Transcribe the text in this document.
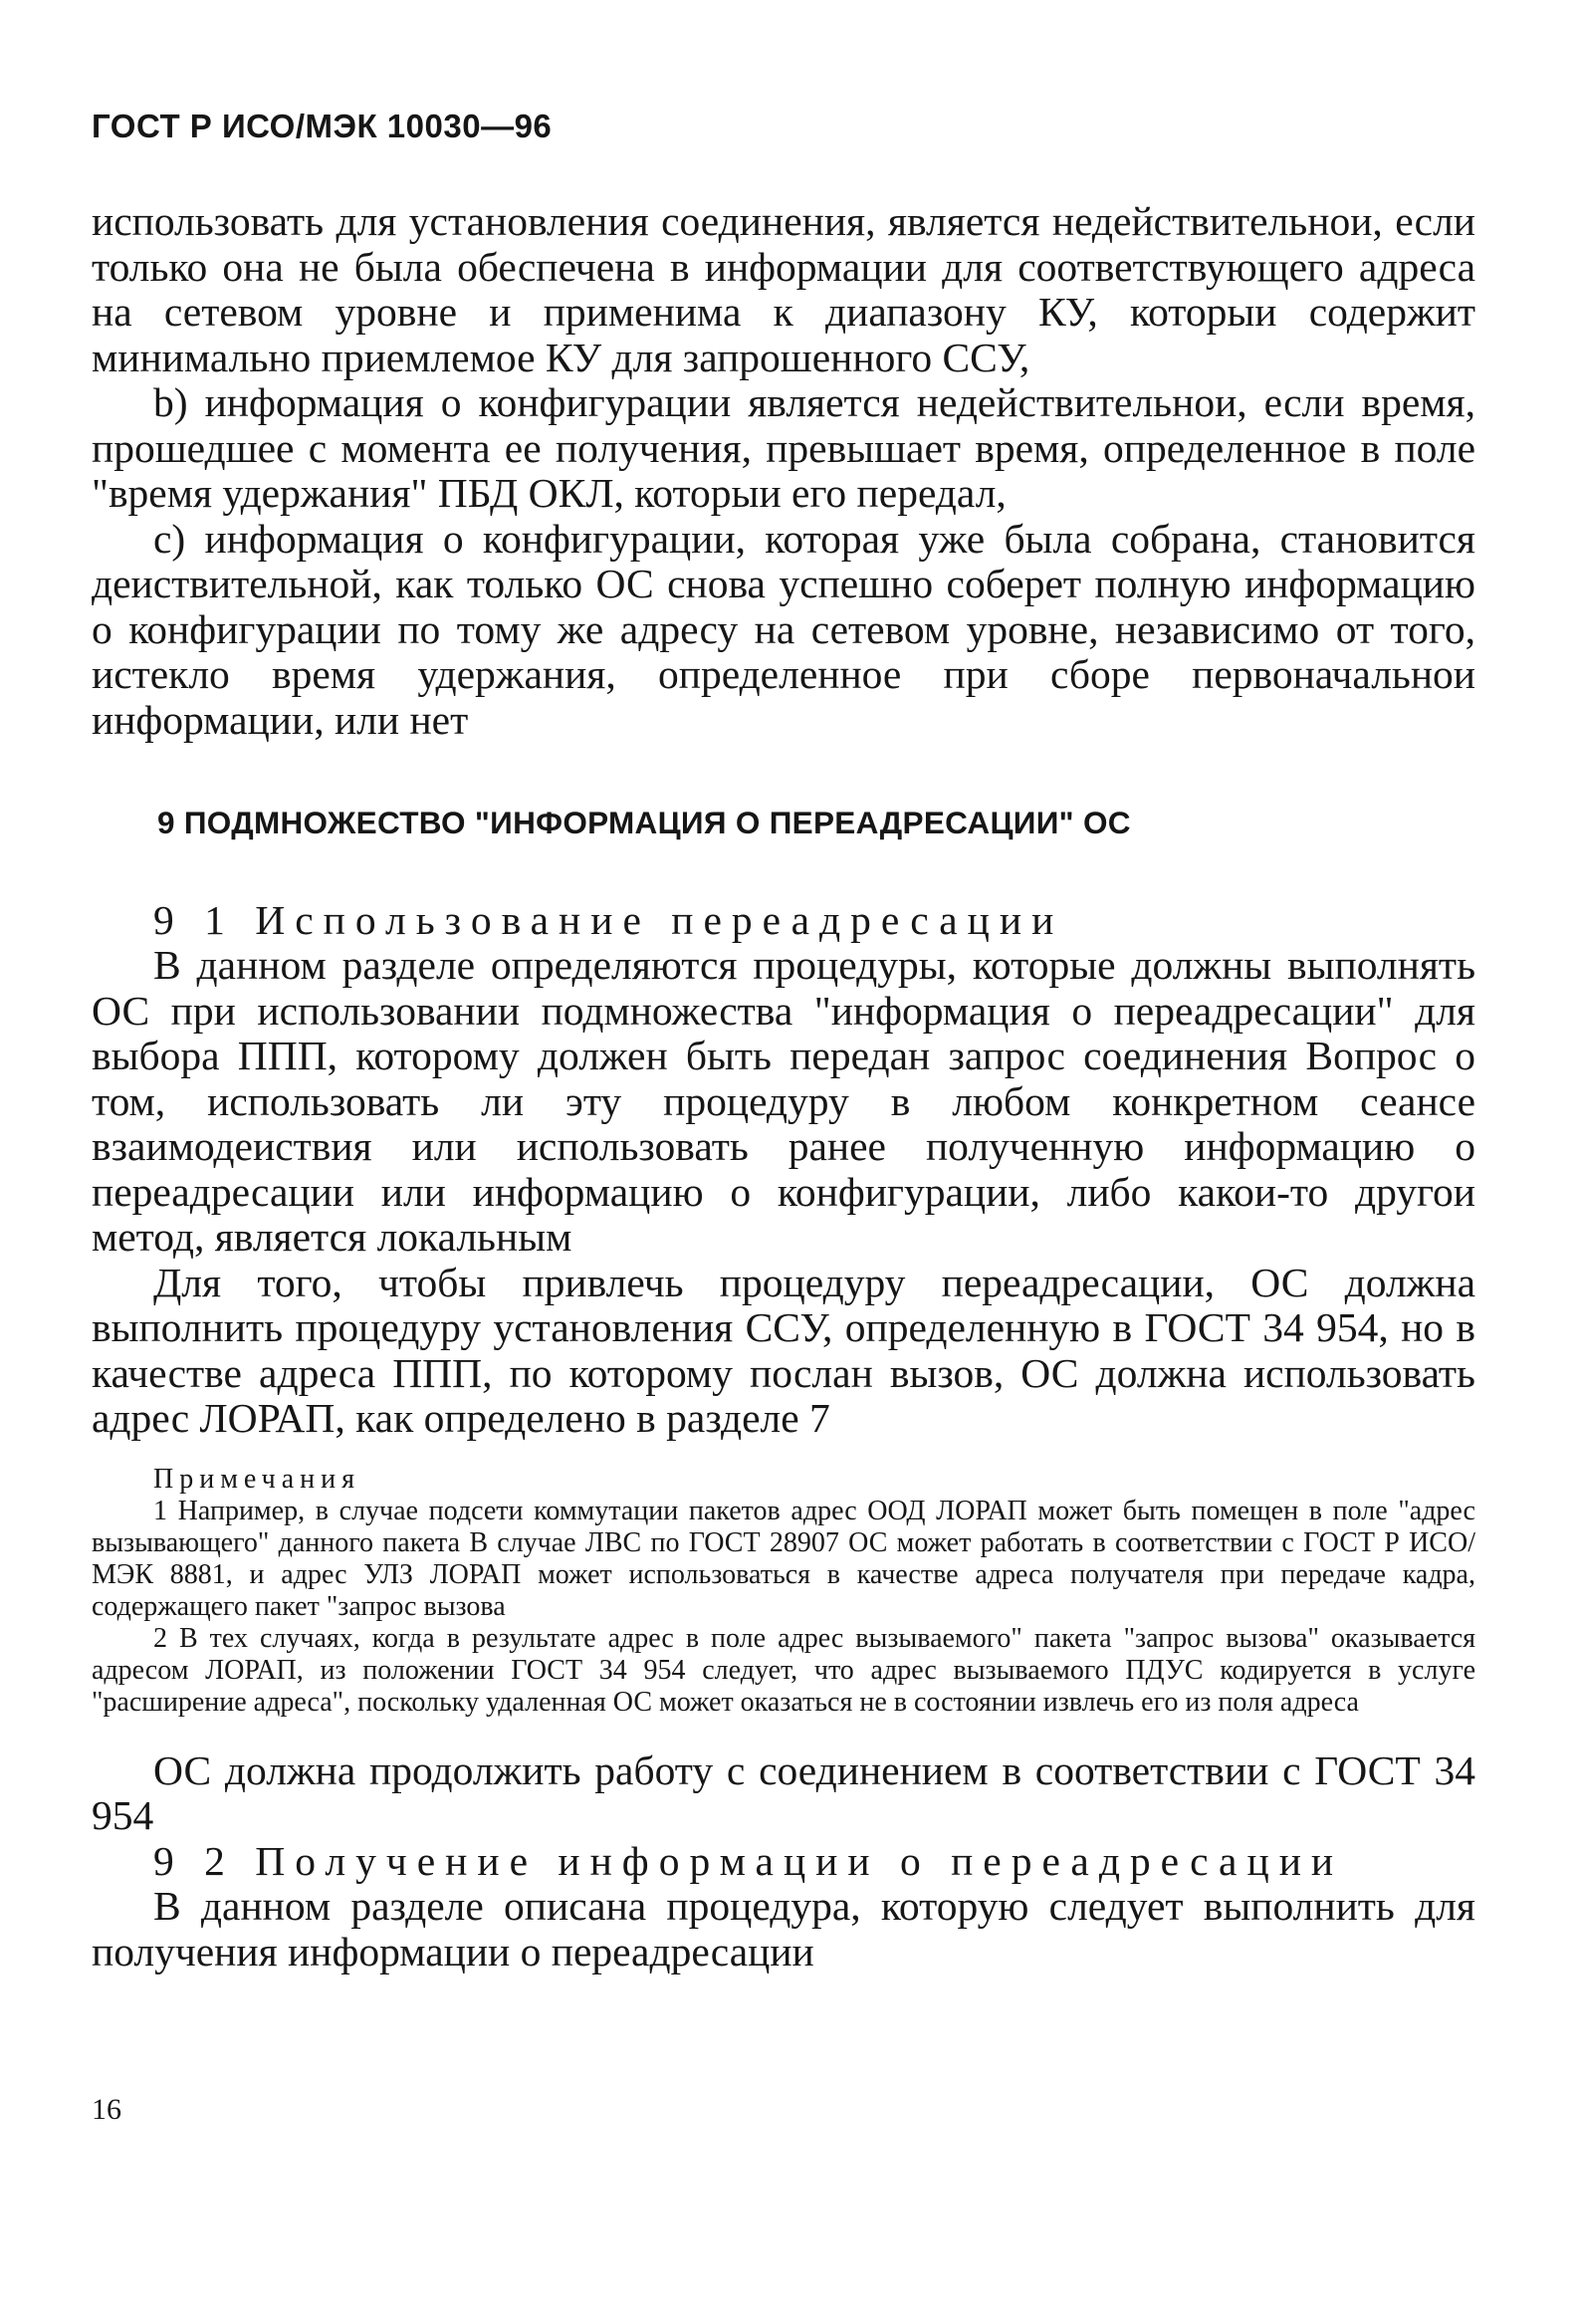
ГОСТ Р ИСО/МЭК 10030—96

использовать для установления соединения, является недействительнои, если только она не была обеспечена в информации для соответствующего адреса на сетевом уровне и применима к диапазону КУ, которыи содержит минимально приемлемое КУ для запрошенного ССУ,

b) информация о конфигурации является недействительнои, если время, прошедшее с момента ее получения, превышает время, определенное в поле "время удержания" ПБД ОКЛ, которыи его передал,

с) информация о конфигурации, которая уже была собрана, становится деиствительной, как только ОС снова успешно соберет полную информацию о конфигурации по тому же адресу на сетевом уровне, независимо от того, истекло время удержания, определенное при сборе первоначальнои информации, или нет

9 ПОДМНОЖЕСТВО "ИНФОРМАЦИЯ О ПЕРЕАДРЕСАЦИИ" ОС

9 1 Использование переадресации

В данном разделе определяются процедуры, которые должны выполнять ОС при использовании подмножества "информация о переадресации" для выбора ППП, которому должен быть передан запрос соединения Вопрос о том, использовать ли эту процедуру в любом конкретном сеансе взаимодеиствия или использовать ранее полученную информацию о переадресации или информацию о конфигурации, либо какои-то другои метод, является локальным

Для того, чтобы привлечь процедуру переадресации, ОС должна выполнить процедуру установления ССУ, определенную в ГОСТ 34 954, но в качестве адреса ППП, по которому послан вызов, ОС должна использовать адрес ЛОРАП, как определено в разделе 7

Примечания

1 Например, в случае подсети коммутации пакетов адрес ООД ЛОРАП может быть помещен в поле "адрес вызывающего" данного пакета В случае ЛВС по ГОСТ 28907 ОС может работать в соответствии с ГОСТ Р ИСО/МЭК 8881, и адрес УЛЗ ЛОРАП может использоваться в качестве адреса получателя при передаче кадра, содержащего пакет "запрос вызова

2 В тех случаях, когда в результате адрес в поле адрес вызываемого" пакета "запрос вызова" оказывается адресом ЛОРАП, из положении ГОСТ 34 954 следует, что адрес вызываемого ПДУС кодируется в услуге "расширение адреса", поскольку удаленная ОС может оказаться не в состоянии извлечь его из поля адреса

ОС должна продолжить работу с соединением в соответствии с ГОСТ 34 954

9 2 Получение информации о переадресации

В данном разделе описана процедура, которую следует выполнить для получения информации о переадресации

16
